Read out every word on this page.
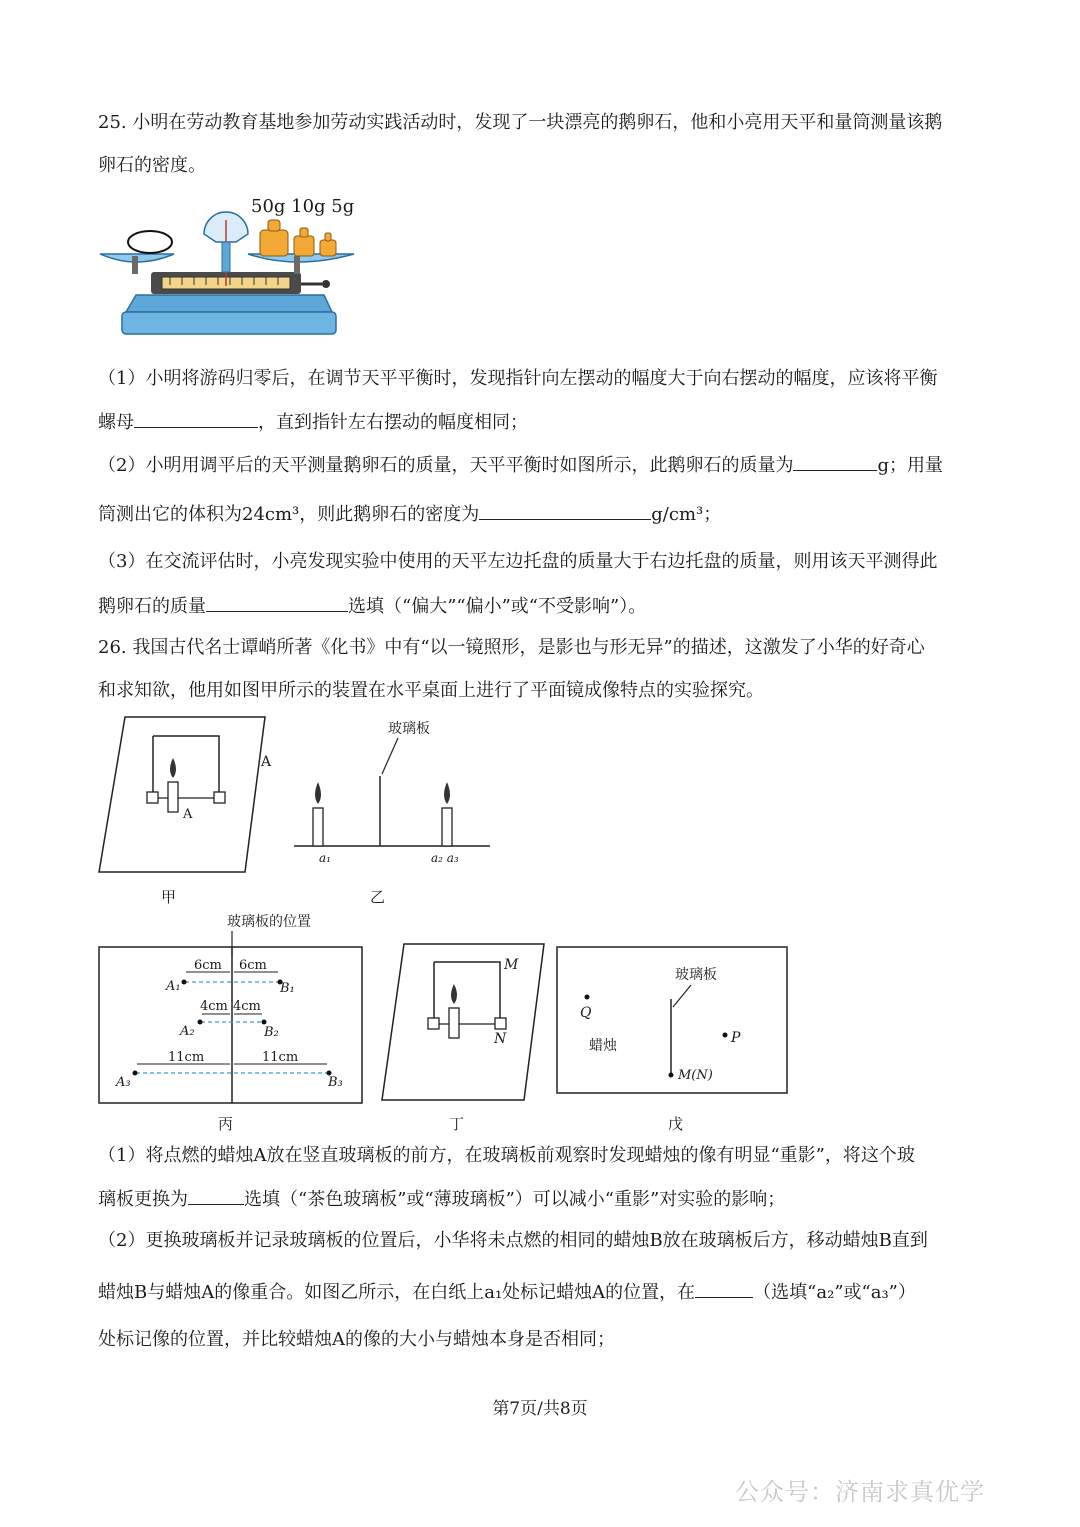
25. 小明在劳动教育基地参加劳动实践活动时，发现了一块漂亮的鹅卵石，他和小亮用天平和量筒测量该鹅
卵石的密度。
50g 10g 5g
（1）小明将游码归零后，在调节天平平衡时，发现指针向左摆动的幅度大于向右摆动的幅度，应该将平衡
螺母	，直到指针左右摆动的幅度相同；
（2）小明用调平后的天平测量鹅卵石的质量，天平平衡时如图所示，此鹅卵石的质量为	g；用量
筒测出它的体积为24cm³，则此鹅卵石的密度为	g/cm³；
（3）在交流评估时，小亮发现实验中使用的天平左边托盘的质量大于右边托盘的质量，则用该天平测得此
鹅卵石的质量	选填（“偏大”“偏小”或“不受影响”）。
26. 我国古代名士谭峭所著《化书》中有“以一镜照形，是影也与形无异”的描述，这激发了小华的好奇心
和求知欲，他用如图甲所示的装置在水平桌面上进行了平面镜成像特点的实验探究。
A
A
甲
玻璃板
a₁	a₂ a₃
乙
玻璃板的位置
6cm 6cm
4cm 4cm
11cm	11cm
A₁	B₁
A₂	B₂
A₃	B₃
丙
M
N
丁
玻璃板
M(N)
Q
蜡烛	P
戊
（1）将点燃的蜡烛A放在竖直玻璃板的前方，在玻璃板前观察时发现蜡烛的像有明显“重影”，将这个玻
璃板更换为	选填（“茶色玻璃板”或“薄玻璃板”）可以减小“重影”对实验的影响；
（2）更换玻璃板并记录玻璃板的位置后，小华将未点燃的相同的蜡烛B放在玻璃板后方，移动蜡烛B直到
蜡烛B与蜡烛A的像重合。如图乙所示，在白纸上a₁处标记蜡烛A的位置，在	（选填“a₂”或“a₃”）
处标记像的位置，并比较蜡烛A的像的大小与蜡烛本身是否相同；
第7页/共8页
公众号：济南求真优学
